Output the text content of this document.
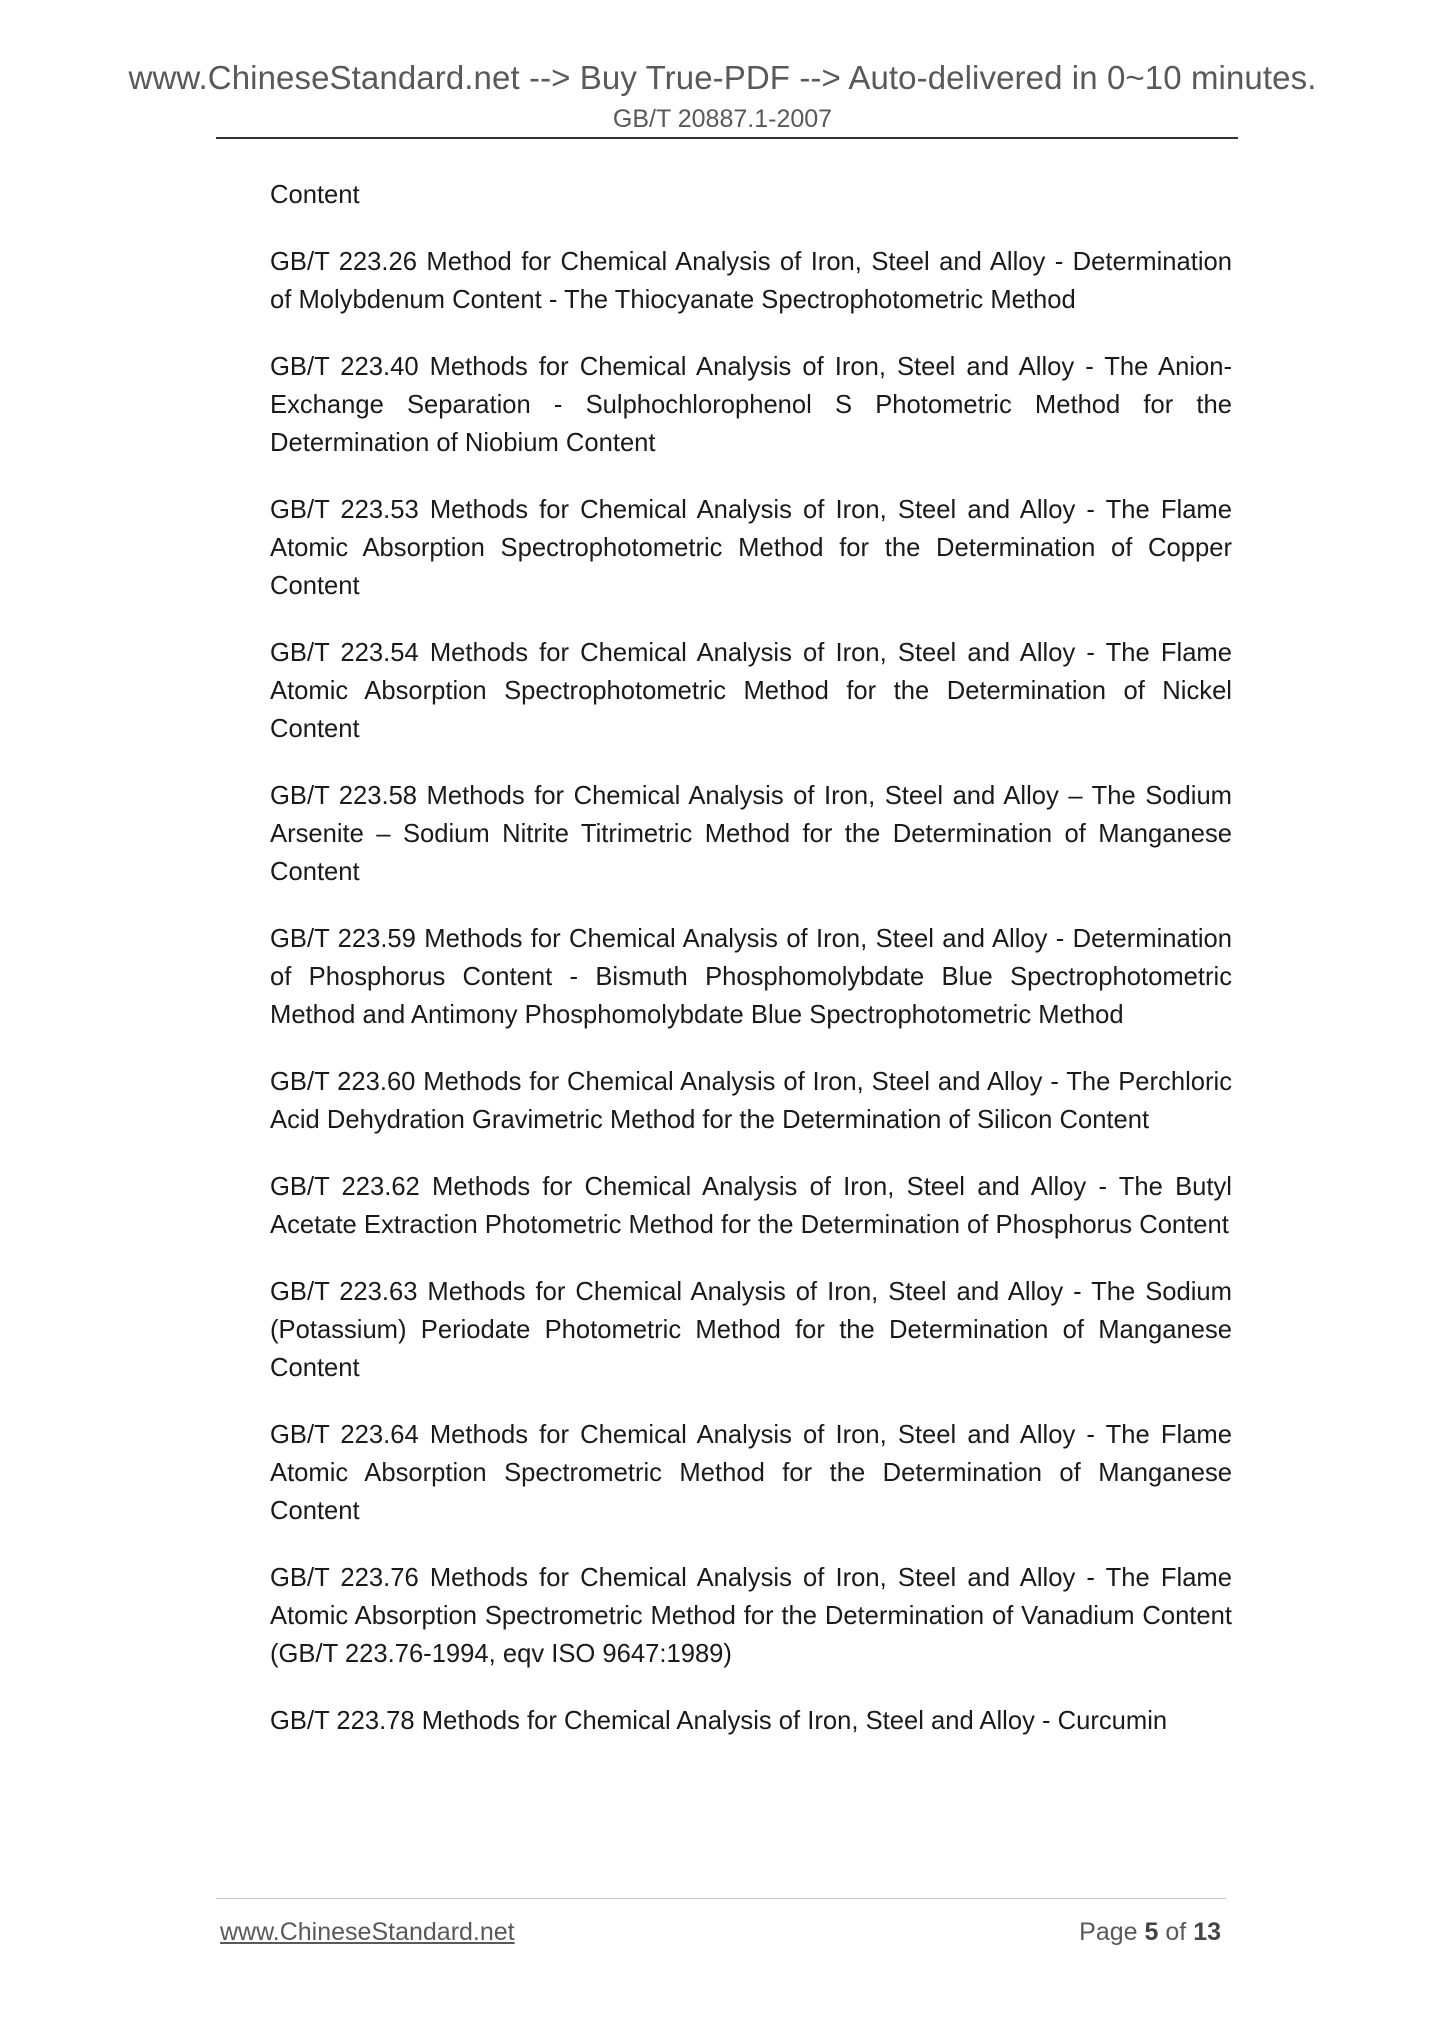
www.ChineseStandard.net --> Buy True-PDF --> Auto-delivered in 0~10 minutes.
GB/T 20887.1-2007

Content

GB/T 223.26 Method for Chemical Analysis of Iron, Steel and Alloy - Determination of Molybdenum Content - The Thiocyanate Spectrophotometric Method

GB/T 223.40 Methods for Chemical Analysis of Iron, Steel and Alloy - The Anion-Exchange Separation - Sulphochlorophenol S Photometric Method for the Determination of Niobium Content

GB/T 223.53 Methods for Chemical Analysis of Iron, Steel and Alloy - The Flame Atomic Absorption Spectrophotometric Method for the Determination of Copper Content

GB/T 223.54 Methods for Chemical Analysis of Iron, Steel and Alloy - The Flame Atomic Absorption Spectrophotometric Method for the Determination of Nickel Content

GB/T 223.58 Methods for Chemical Analysis of Iron, Steel and Alloy – The Sodium Arsenite – Sodium Nitrite Titrimetric Method for the Determination of Manganese Content

GB/T 223.59 Methods for Chemical Analysis of Iron, Steel and Alloy - Determination of Phosphorus Content - Bismuth Phosphomolybdate Blue Spectrophotometric Method and Antimony Phosphomolybdate Blue Spectrophotometric Method

GB/T 223.60 Methods for Chemical Analysis of Iron, Steel and Alloy - The Perchloric Acid Dehydration Gravimetric Method for the Determination of Silicon Content

GB/T 223.62 Methods for Chemical Analysis of Iron, Steel and Alloy - The Butyl Acetate Extraction Photometric Method for the Determination of Phosphorus Content

GB/T 223.63 Methods for Chemical Analysis of Iron, Steel and Alloy - The Sodium (Potassium) Periodate Photometric Method for the Determination of Manganese Content

GB/T 223.64 Methods for Chemical Analysis of Iron, Steel and Alloy - The Flame Atomic Absorption Spectrometric Method for the Determination of Manganese Content

GB/T 223.76 Methods for Chemical Analysis of Iron, Steel and Alloy - The Flame Atomic Absorption Spectrometric Method for the Determination of Vanadium Content (GB/T 223.76-1994, eqv ISO 9647:1989)

GB/T 223.78 Methods for Chemical Analysis of Iron, Steel and Alloy - Curcumin

www.ChineseStandard.net	Page 5 of 13
